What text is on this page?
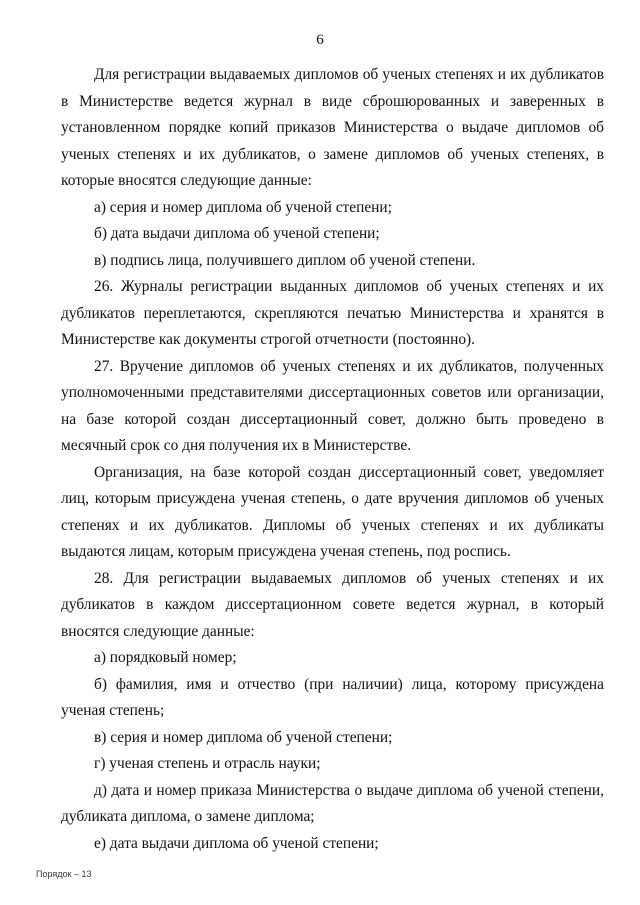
6

Для регистрации выдаваемых дипломов об ученых степенях и их дубликатов в Министерстве ведется журнал в виде сброшюрованных и заверенных в установленном порядке копий приказов Министерства о выдаче дипломов об ученых степенях и их дубликатов, о замене дипломов об ученых степенях, в которые вносятся следующие данные:

а) серия и номер диплома об ученой степени;

б) дата выдачи диплома об ученой степени;

в) подпись лица, получившего диплом об ученой степени.

26. Журналы регистрации выданных дипломов об ученых степенях и их дубликатов переплетаются, скрепляются печатью Министерства и хранятся в Министерстве как документы строгой отчетности (постоянно).

27. Вручение дипломов об ученых степенях и их дубликатов, полученных уполномоченными представителями диссертационных советов или организации, на базе которой создан диссертационный совет, должно быть проведено в месячный срок со дня получения их в Министерстве.

Организация, на базе которой создан диссертационный совет, уведомляет лиц, которым присуждена ученая степень, о дате вручения дипломов об ученых степенях и их дубликатов. Дипломы об ученых степенях и их дубликаты выдаются лицам, которым присуждена ученая степень, под роспись.

28. Для регистрации выдаваемых дипломов об ученых степенях и их дубликатов в каждом диссертационном совете ведется журнал, в который вносятся следующие данные:

а) порядковый номер;

б) фамилия, имя и отчество (при наличии) лица, которому присуждена ученая степень;

в) серия и номер диплома об ученой степени;

г) ученая степень и отрасль науки;

д) дата и номер приказа Министерства о выдаче диплома об ученой степени, дубликата диплома, о замене диплома;

е) дата выдачи диплома об ученой степени;

Порядок – 13
